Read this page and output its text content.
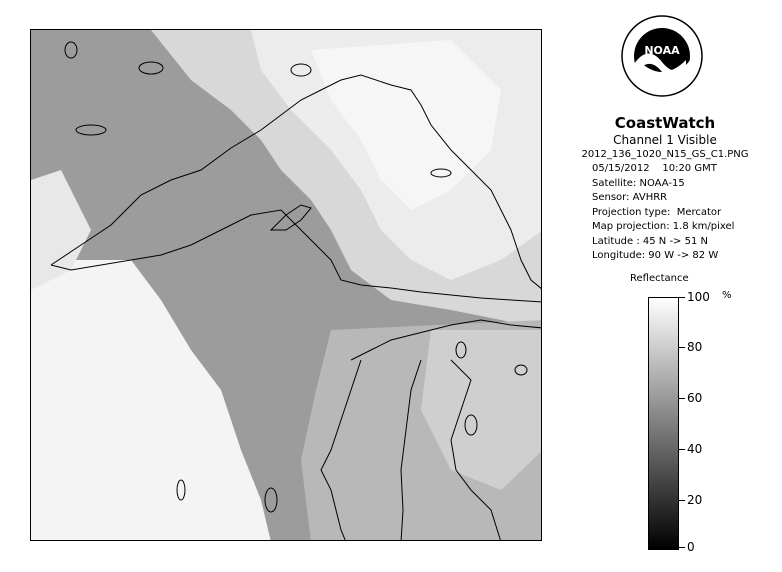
NOAA
CoastWatch
Channel 1 Visible
2012_136_1020_N15_GS_C1.PNG
05/15/2012    10:20 GMT
Satellite: NOAA-15
Sensor: AVHRR
Projection type:  Mercator
Map projection: 1.8 km/pixel
Latitude : 45 N -> 51 N
Longitude: 90 W -> 82 W
Reflectance
%
100
80
60
40
20
0
